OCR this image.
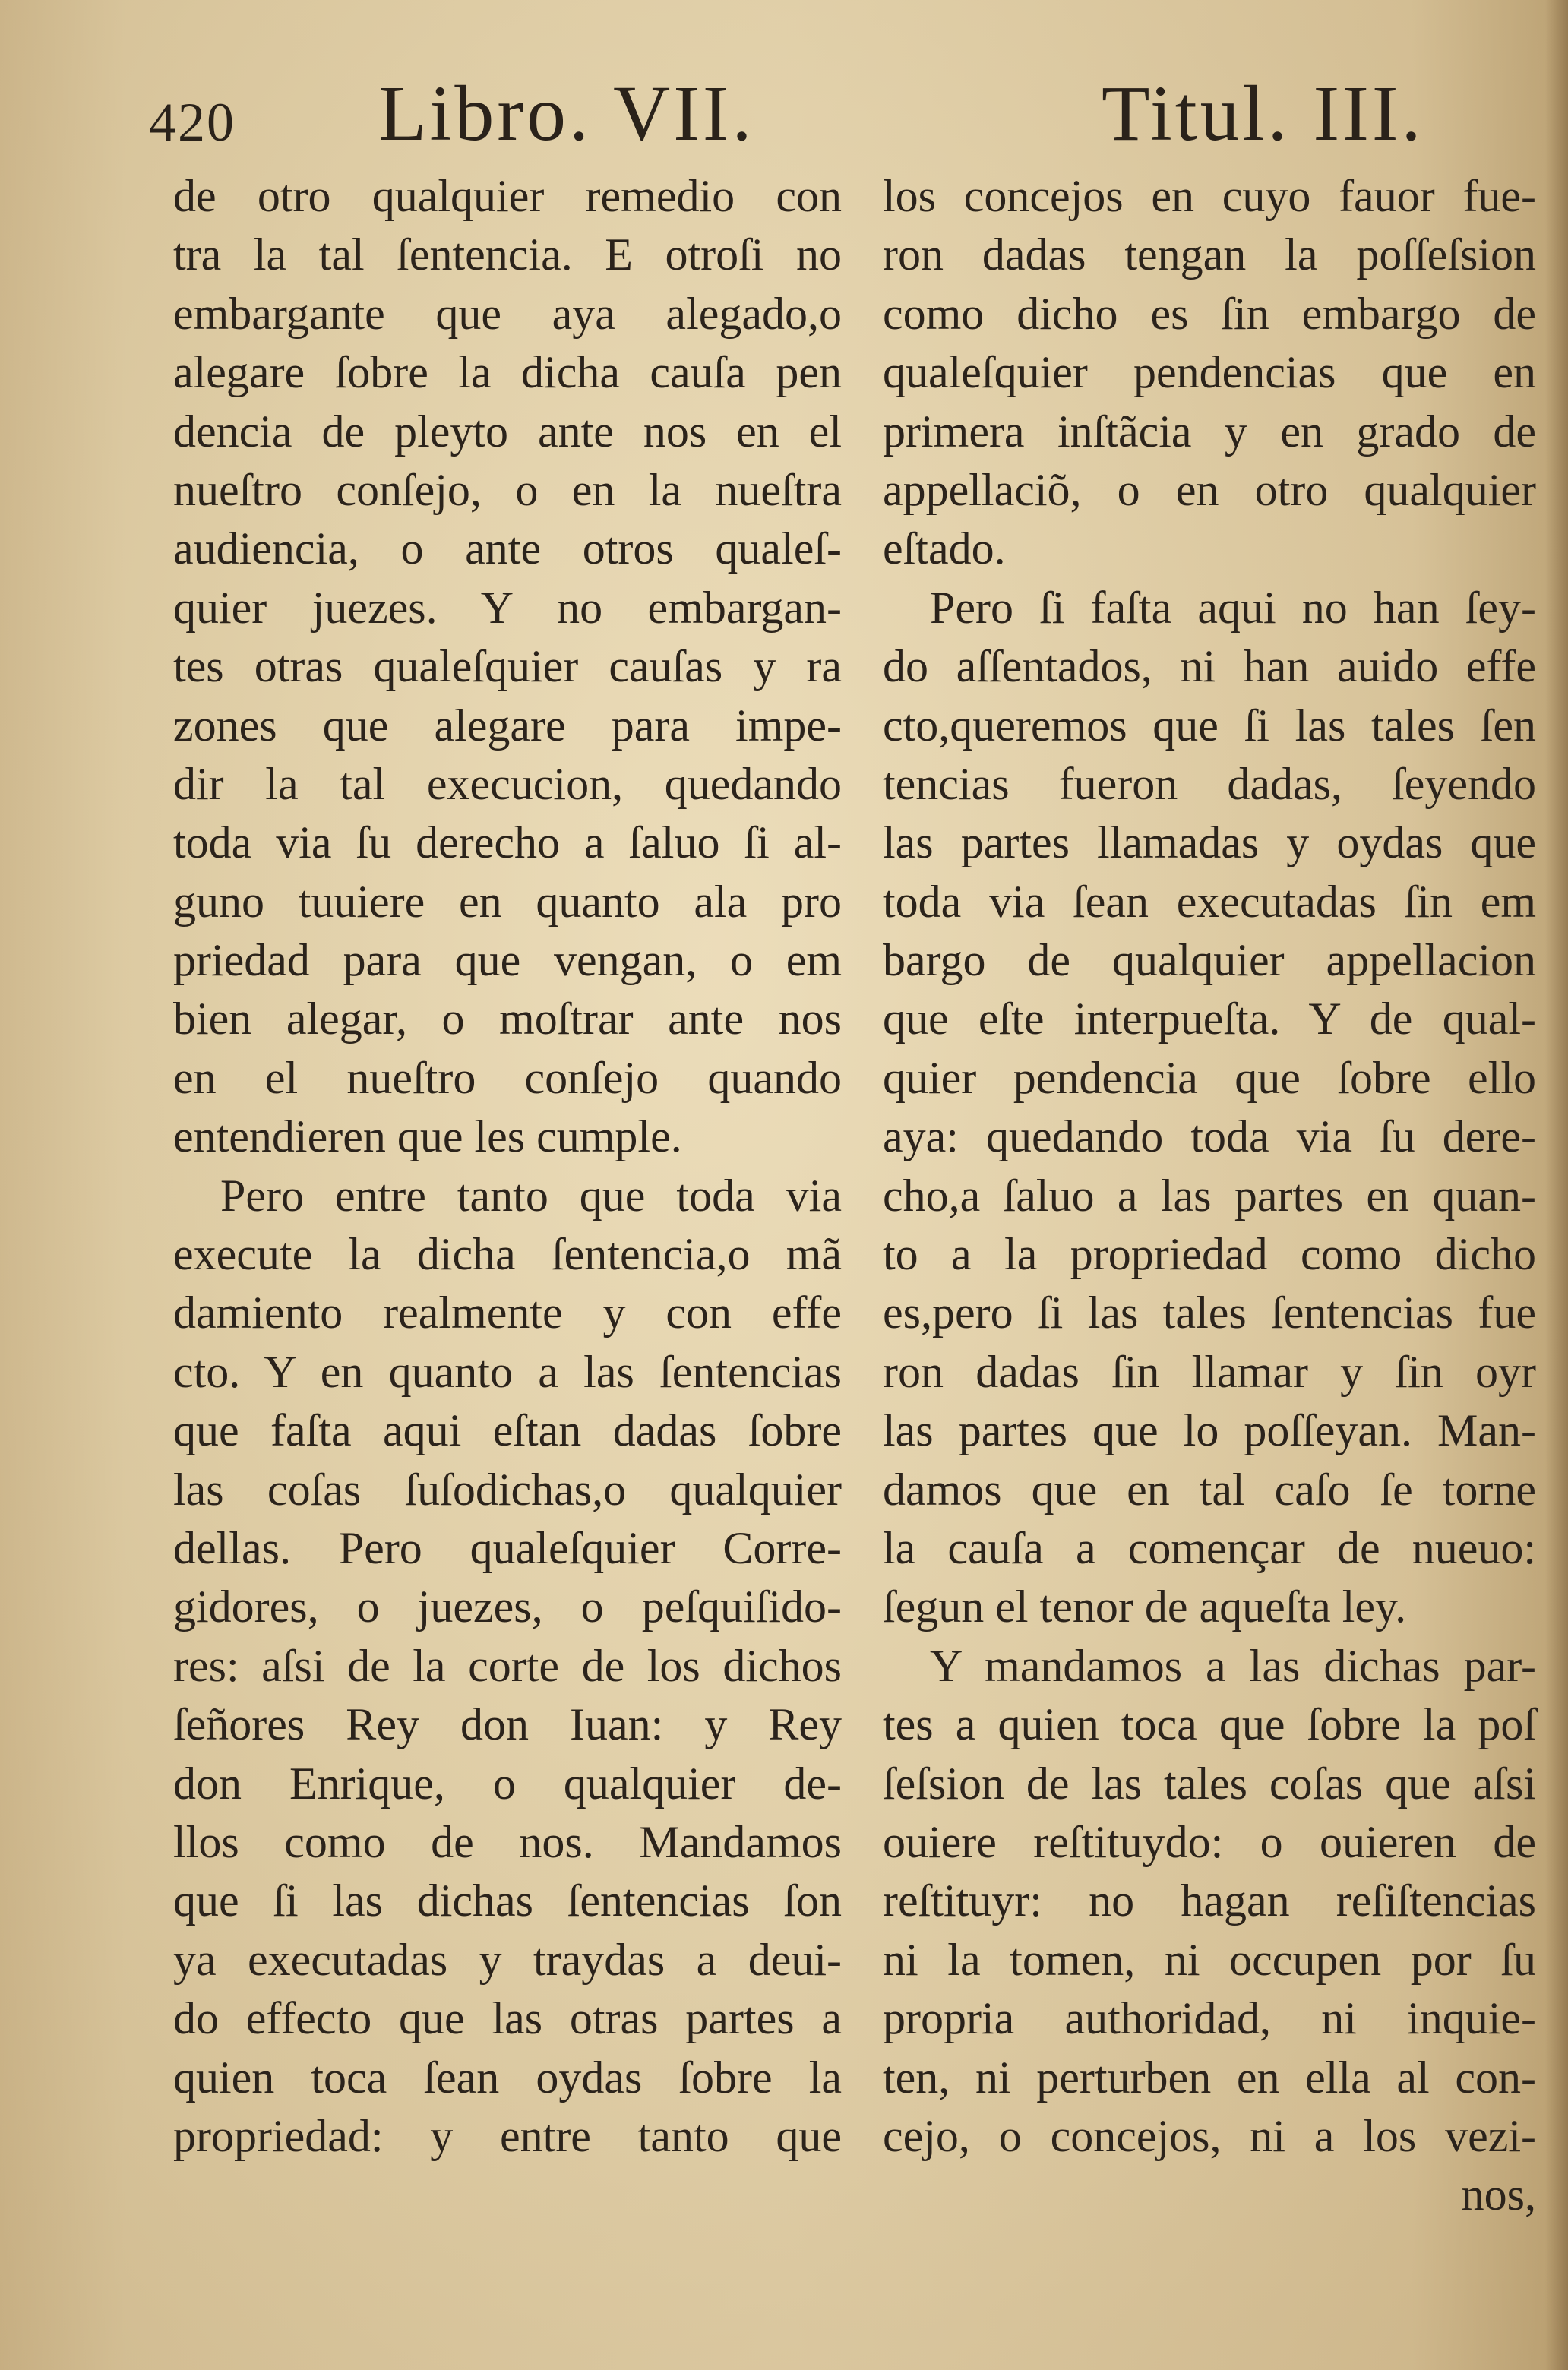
420 Libro. VII.	Titul. III.
de otro qualquier remedio con
tra la tal ſentencia. E otroſi no
embargante que aya alegado,o
alegare ſobre la dicha cauſa pen
dencia de pleyto ante nos en el
nueſtro conſejo, o en la nueſtra
audiencia, o ante otros qualeſ-
quier juezes. Y no embargan-
tes otras qualeſquier cauſas y ra
zones que alegare para impe-
dir la tal execucion, quedando
toda via ſu derecho a ſaluo ſi al-
guno tuuiere en quanto ala pro
priedad para que vengan, o em
bien alegar, o moſtrar ante nos
en el nueſtro conſejo quando
entendieren que les cumple.
Pero entre tanto que toda via
execute la dicha ſentencia,o mã
damiento realmente y con effe
cto. Y en quanto a las ſentencias
que faſta aqui eſtan dadas ſobre
las coſas ſuſodichas,o qualquier
dellas. Pero qualeſquier Corre-
gidores, o juezes, o peſquiſido-
res: aſsi de la corte de los dichos
ſeñores Rey don Iuan: y Rey
don Enrique, o qualquier de-
llos como de nos. Mandamos
que ſi las dichas ſentencias ſon
ya executadas y traydas a deui-
do effecto que las otras partes a
quien toca ſean oydas ſobre la
propriedad: y entre tanto que
los concejos en cuyo fauor fue-
ron dadas tengan la poſſeſsion
como dicho es ſin embargo de
qualeſquier pendencias que en
primera inſtãcia y en grado de
appellaciõ, o en otro qualquier
eſtado.
Pero ſi faſta aqui no han ſey-
do aſſentados, ni han auido effe
cto,queremos que ſi las tales ſen
tencias fueron dadas, ſeyendo
las partes llamadas y oydas que
toda via ſean executadas ſin em
bargo de qualquier appellacion
que eſte interpueſta. Y de qual-
quier pendencia que ſobre ello
aya: quedando toda via ſu dere-
cho,a ſaluo a las partes en quan-
to a la propriedad como dicho
es,pero ſi las tales ſentencias fue
ron dadas ſin llamar y ſin oyr
las partes que lo poſſeyan. Man-
damos que en tal caſo ſe torne
la cauſa a començar de nueuo:
ſegun el tenor de aqueſta ley.
Y mandamos a las dichas par-
tes a quien toca que ſobre la poſ
ſeſsion de las tales coſas que aſsi
ouiere reſtituydo: o ouieren de
reſtituyr: no hagan reſiſtencias
ni la tomen, ni occupen por ſu
propria authoridad, ni inquie-
ten, ni perturben en ella al con-
cejo, o concejos, ni a los vezi-
nos,
